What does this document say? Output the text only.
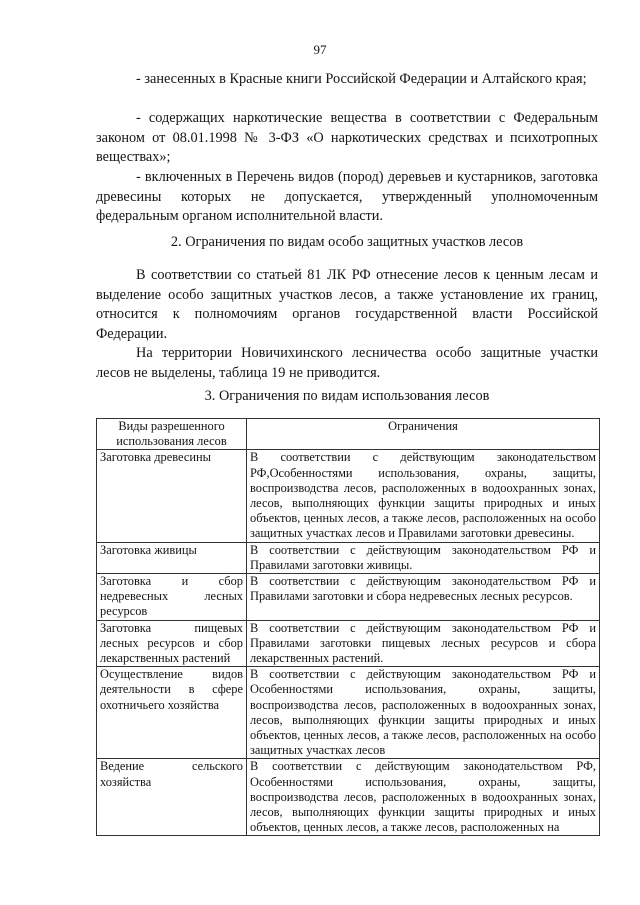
97

- занесенных в Красные книги Российской Федерации и Алтайского края;

- содержащих наркотические вещества в соответствии с Федеральным законом от 08.01.1998 № 3-ФЗ «О наркотических средствах и психотропных веществах»;

- включенных в Перечень видов (пород) деревьев и кустарников, заготовка древесины которых не допускается, утвержденный уполномоченным федеральным органом исполнительной власти.

2. Ограничения по видам особо защитных участков лесов

В соответствии со статьей 81 ЛК РФ отнесение лесов к ценным лесам и выделение особо защитных участков лесов, а также установление их границ, относится к полномочиям органов государственной власти Российской Федерации.

На территории Новичихинского лесничества особо защитные участки лесов не выделены, таблица 19 не приводится.

3. Ограничения по видам использования лесов

Виды разрешенного использования лесов	Ограничения
Заготовка древесины	В соответствии с действующим законодательством РФ,Особенностями использования, охраны, защиты, воспроизводства лесов, расположенных в водоохранных зонах, лесов, выполняющих функции защиты природных и иных объектов, ценных лесов, а также лесов, расположенных на особо защитных участках лесов и Правилами заготовки древесины.
Заготовка живицы	В соответствии с действующим законодательством РФ и Правилами заготовки живицы.
Заготовка и сбор недревесных лесных ресурсов	В соответствии с действующим законодательством РФ и Правилами заготовки и сбора недревесных лесных ресурсов.
Заготовка пищевых лесных ресурсов и сбор лекарственных растений	В соответствии с действующим законодательством РФ и Правилами заготовки пищевых лесных ресурсов и сбора лекарственных растений.
Осуществление видов деятельности в сфере охотничьего хозяйства	В соответствии с действующим законодательством РФ и Особенностями использования, охраны, защиты, воспроизводства лесов, расположенных в водоохранных зонах, лесов, выполняющих функции защиты природных и иных объектов, ценных лесов, а также лесов, расположенных на особо защитных участках лесов
Ведение сельского хозяйства	В соответствии с действующим законодательством РФ, Особенностями использования, охраны, защиты, воспроизводства лесов, расположенных в водоохранных зонах, лесов, выполняющих функции защиты природных и иных объектов, ценных лесов, а также лесов, расположенных на
